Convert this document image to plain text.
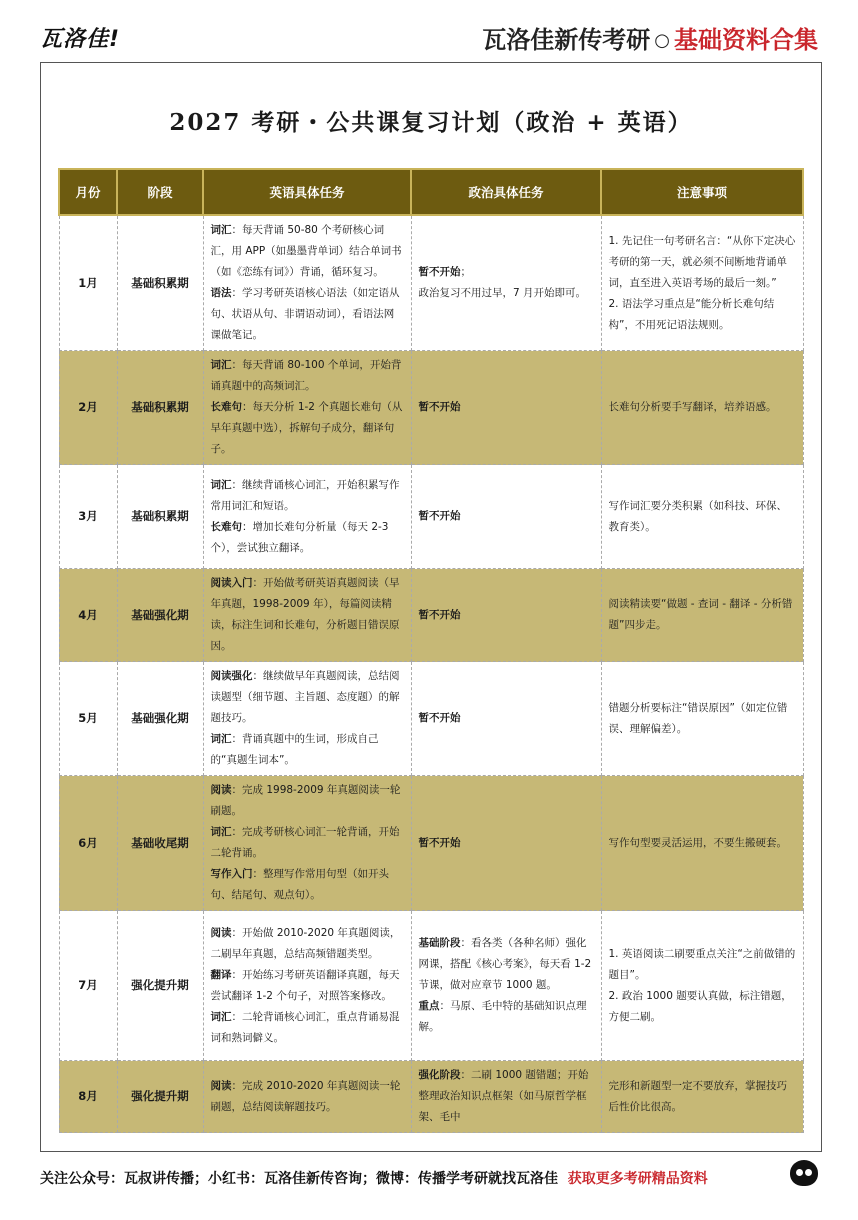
瓦洛佳!	瓦洛佳新传考研 ○ 基础资料合集
2027 考研・公共课复习计划（政治 + 英语）
月份	阶段	英语具体任务	政治具体任务	注意事项
1月	基础积累期	词汇：每天背诵 50-80 个考研核心词汇，用 APP（如墨墨背单词）结合单词书（如《恋练有词》）背诵，循环复习。
语法：学习考研英语核心语法（如定语从句、状语从句、非谓语动词），看语法网课做笔记。	暂不开始；
政治复习不用过早，7 月开始即可。	1. 先记住一句考研名言：“从你下定决心考研的第一天，就必须不间断地背诵单词，直至进入英语考场的最后一刻。”
2. 语法学习重点是“能分析长难句结构”，不用死记语法规则。

2月	基础积累期	词汇：每天背诵 80-100 个单词，开始背诵真题中的高频词汇。
长难句：每天分析 1-2 个真题长难句（从早年真题中选），拆解句子成分，翻译句子。	暂不开始	长难句分析要手写翻译，培养语感。

3月	基础积累期	词汇：继续背诵核心词汇，开始积累写作常用词汇和短语。
长难句：增加长难句分析量（每天 2-3 个），尝试独立翻译。	暂不开始	写作词汇要分类积累（如科技、环保、教育类）。

4月	基础强化期	阅读入门：开始做考研英语真题阅读（早年真题，1998-2009 年），每篇阅读精读，标注生词和长难句，分析题目错误原因。	暂不开始	阅读精读要“做题 - 查词 - 翻译 - 分析错题”四步走。

5月	基础强化期	阅读强化：继续做早年真题阅读，总结阅读题型（细节题、主旨题、态度题）的解题技巧。
词汇：背诵真题中的生词，形成自己的“真题生词本”。	暂不开始	错题分析要标注“错误原因”（如定位错误、理解偏差）。

6月	基础收尾期	阅读：完成 1998-2009 年真题阅读一轮刷题。
词汇：完成考研核心词汇一轮背诵，开始二轮背诵。
写作入门：整理写作常用句型（如开头句、结尾句、观点句）。	暂不开始	写作句型要灵活运用，不要生搬硬套。

7月	强化提升期	阅读：开始做 2010-2020 年真题阅读，二刷早年真题，总结高频错题类型。
翻译：开始练习考研英语翻译真题，每天尝试翻译 1-2 个句子，对照答案修改。
词汇：二轮背诵核心词汇，重点背诵易混词和熟词僻义。	基础阶段：看各类（各种名师）强化网课，搭配《核心考案》，每天看 1-2 节课，做对应章节 1000 题。
重点：马原、毛中特的基础知识点理解。	1. 英语阅读二刷要重点关注“之前做错的题目”。
2. 政治 1000 题要认真做，标注错题，方便二刷。

8月	强化提升期	阅读：完成 2010-2020 年真题阅读一轮刷题，总结阅读解题技巧。	强化阶段：二刷 1000 题错题；开始整理政治知识点框架（如马原哲学框架、毛中	完形和新题型一定不要放弃，掌握技巧后性价比很高。
关注公众号：瓦叔讲传播；小红书：瓦洛佳新传咨询；微博：传播学考研就找瓦洛佳 获取更多考研精品资料
